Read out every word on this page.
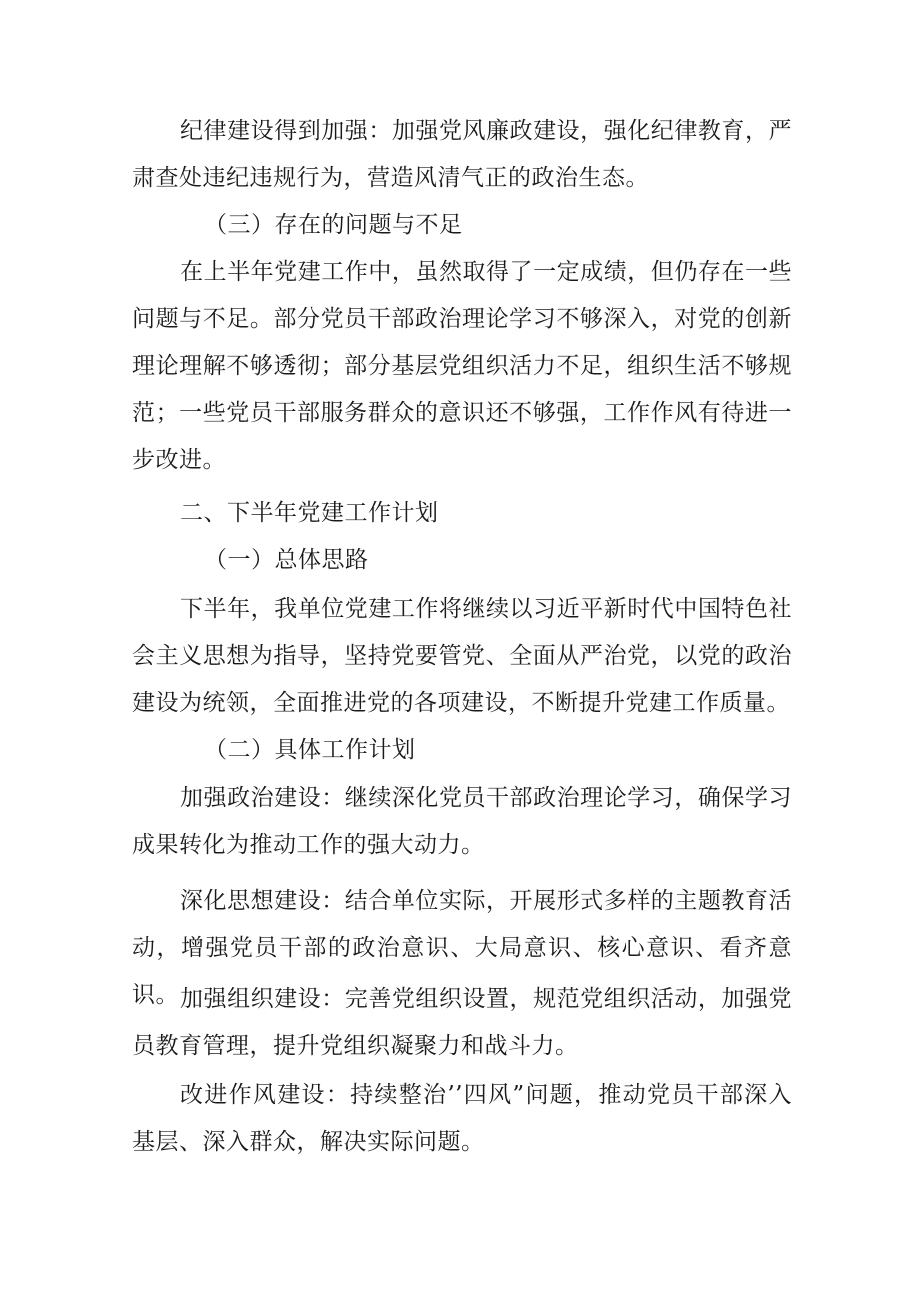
纪律建设得到加强：加强党风廉政建设，强化纪律教育，严肃查处违纪违规行为，营造风清气正的政治生态。

（三）存在的问题与不足

在上半年党建工作中，虽然取得了一定成绩，但仍存在一些问题与不足。部分党员干部政治理论学习不够深入，对党的创新理论理解不够透彻；部分基层党组织活力不足，组织生活不够规范；一些党员干部服务群众的意识还不够强，工作作风有待进一步改进。

二、下半年党建工作计划

（一）总体思路

下半年，我单位党建工作将继续以习近平新时代中国特色社会主义思想为指导，坚持党要管党、全面从严治党，以党的政治建设为统领，全面推进党的各项建设，不断提升党建工作质量。

（二）具体工作计划

加强政治建设：继续深化党员干部政治理论学习，确保学习成果转化为推动工作的强大动力。

深化思想建设：结合单位实际，开展形式多样的主题教育活动，增强党员干部的政治意识、大局意识、核心意识、看齐意识。 加强组织建设：完善党组织设置，规范党组织活动，加强党员教育管理，提升党组织凝聚力和战斗力。

改进作风建设：持续整治’’四风”问题，推动党员干部深入基层、深入群众，解决实际问题。
